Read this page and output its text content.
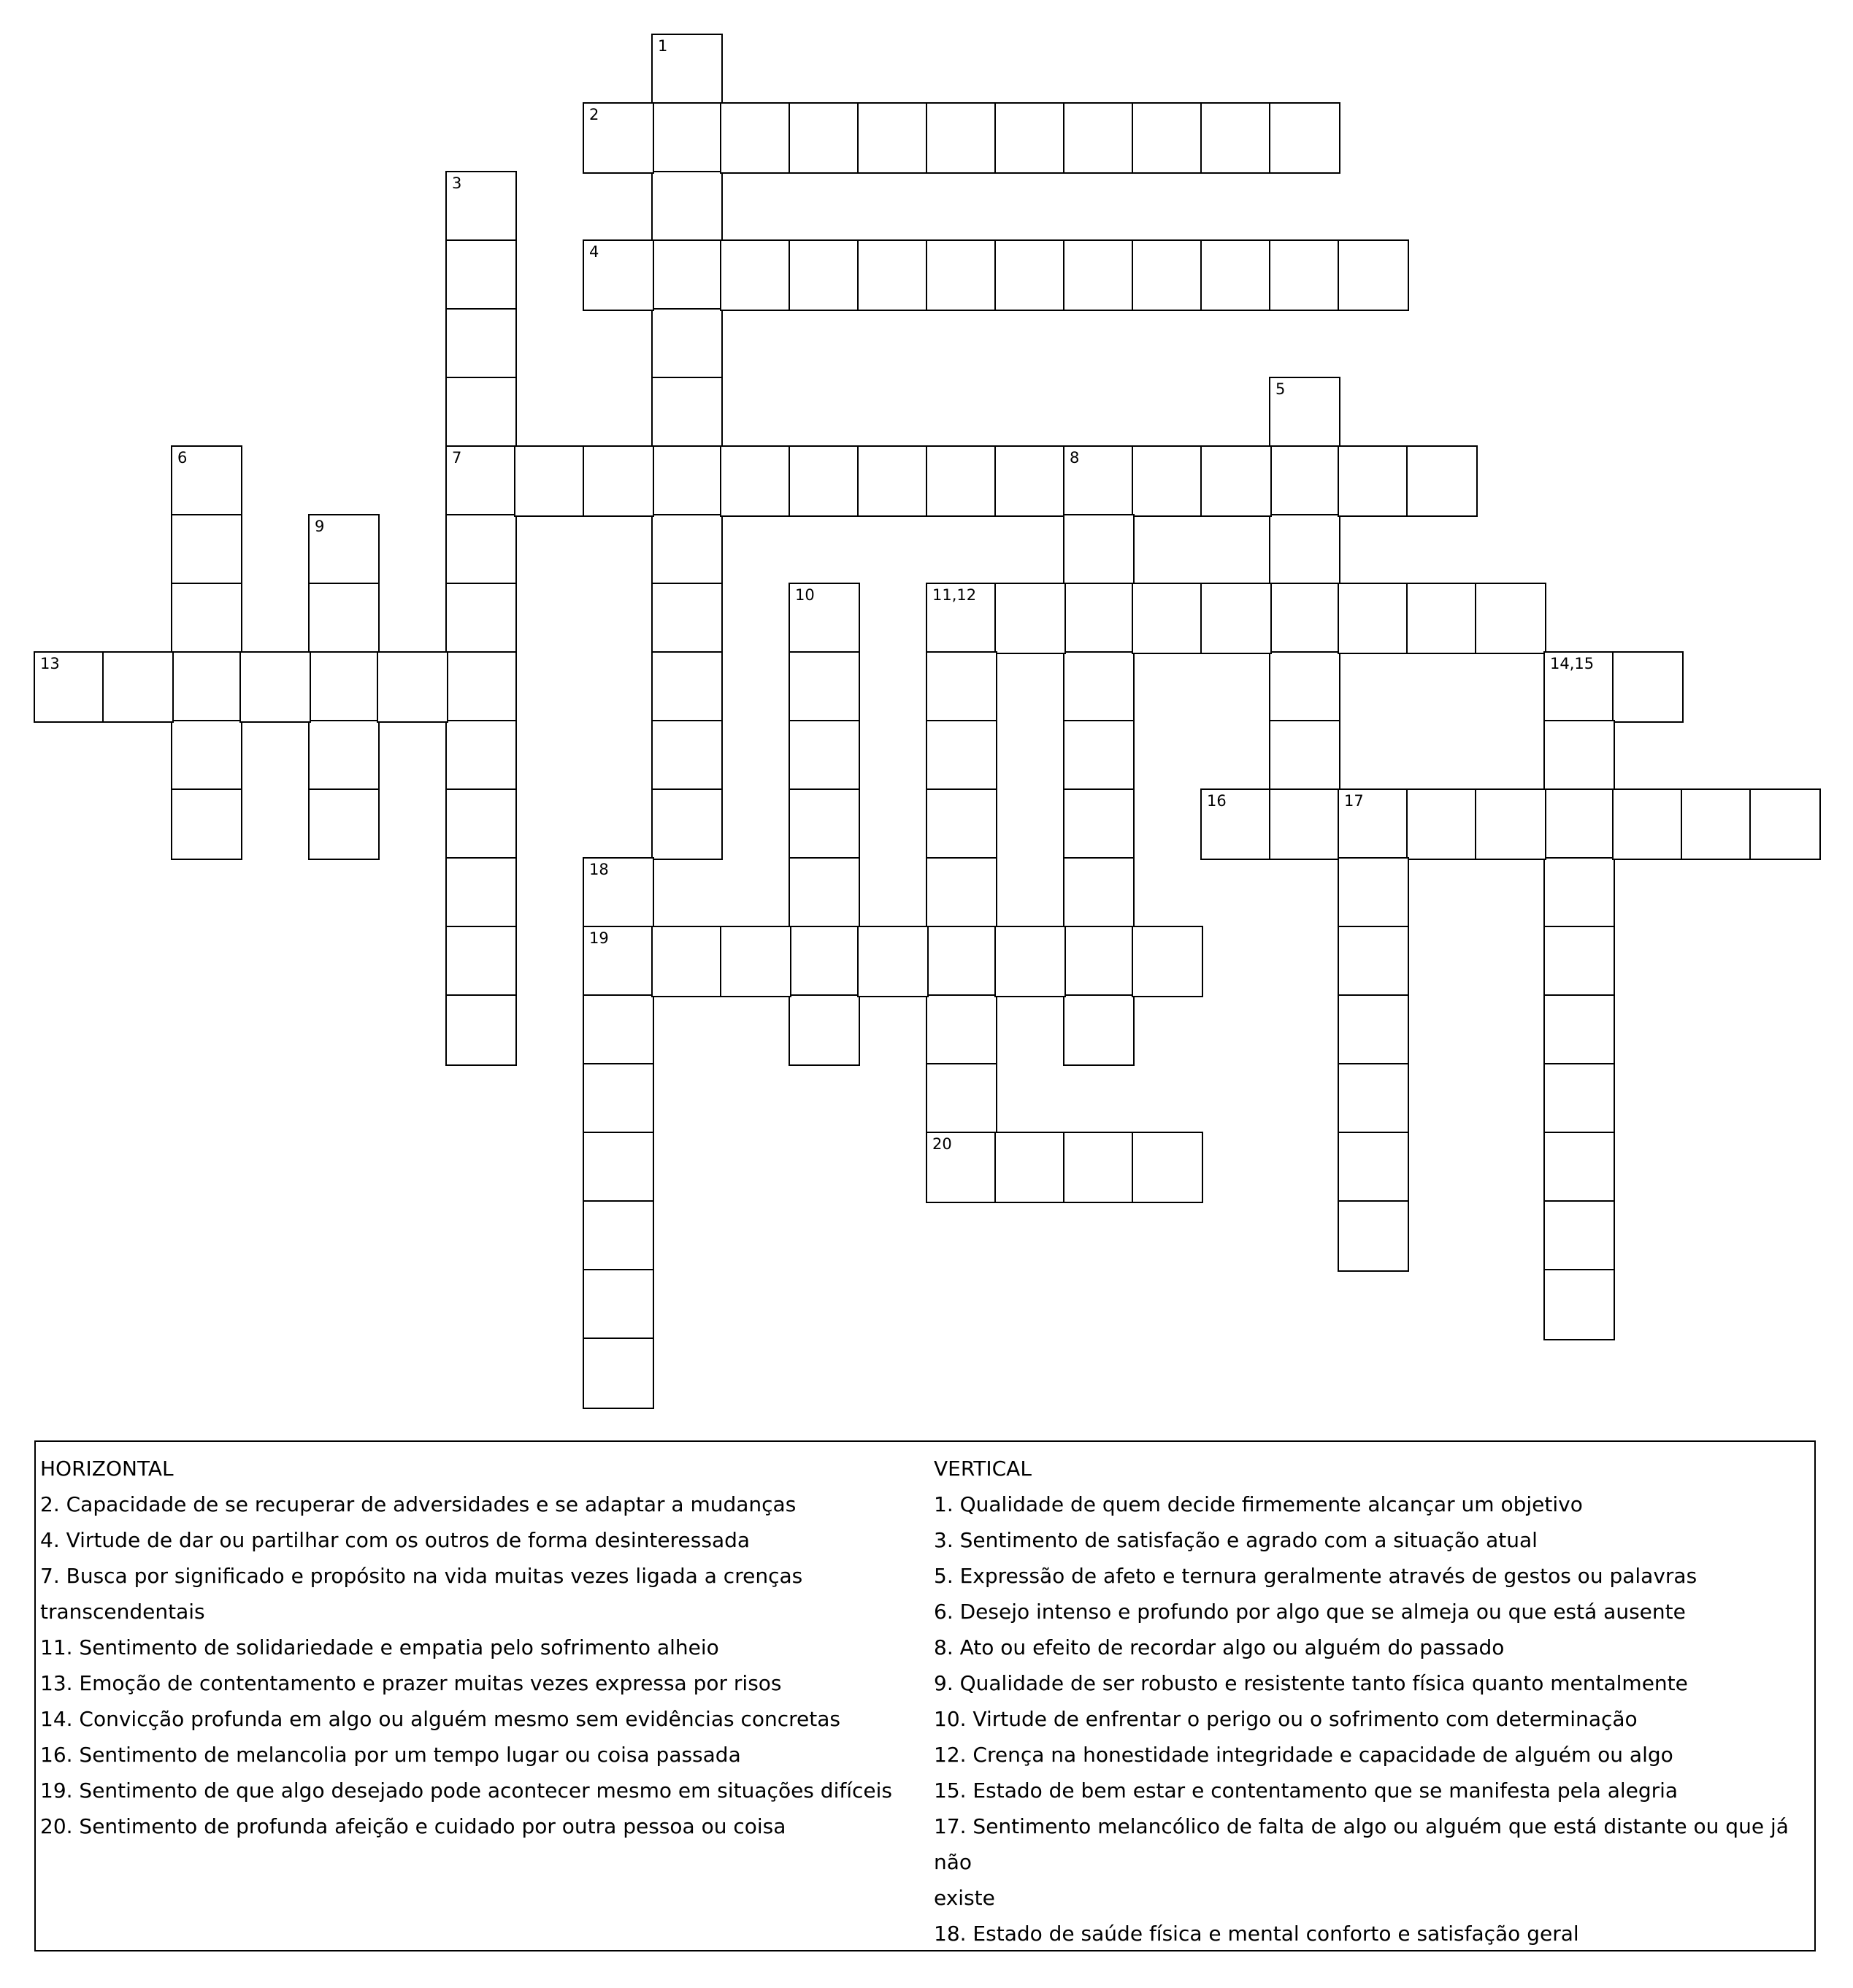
1
2
3
7
4
5
6	8
9
10	11,12
13	14,15
16	17
18
19
20

HORIZONTAL

2. Capacidade de se recuperar de adversidades e se adaptar a mudanças

4. Virtude de dar ou partilhar com os outros de forma desinteressada

7. Busca por significado e propósito na vida muitas vezes ligada a crenças

transcendentais

11. Sentimento de solidariedade e empatia pelo sofrimento alheio

13. Emoção de contentamento e prazer muitas vezes expressa por risos

14. Convicção profunda em algo ou alguém mesmo sem evidências concretas

16. Sentimento de melancolia por um tempo lugar ou coisa passada

19. Sentimento de que algo desejado pode acontecer mesmo em situações difíceis

20. Sentimento de profunda afeição e cuidado por outra pessoa ou coisa

VERTICAL

1. Qualidade de quem decide firmemente alcançar um objetivo

3. Sentimento de satisfação e agrado com a situação atual

5. Expressão de afeto e ternura geralmente através de gestos ou palavras

6. Desejo intenso e profundo por algo que se almeja ou que está ausente

8. Ato ou efeito de recordar algo ou alguém do passado

9. Qualidade de ser robusto e resistente tanto física quanto mentalmente

10. Virtude de enfrentar o perigo ou o sofrimento com determinação

12. Crença na honestidade integridade e capacidade de alguém ou algo

15. Estado de bem estar e contentamento que se manifesta pela alegria

17. Sentimento melancólico de falta de algo ou alguém que está distante ou que já não

existe

18. Estado de saúde física e mental conforto e satisfação geral
